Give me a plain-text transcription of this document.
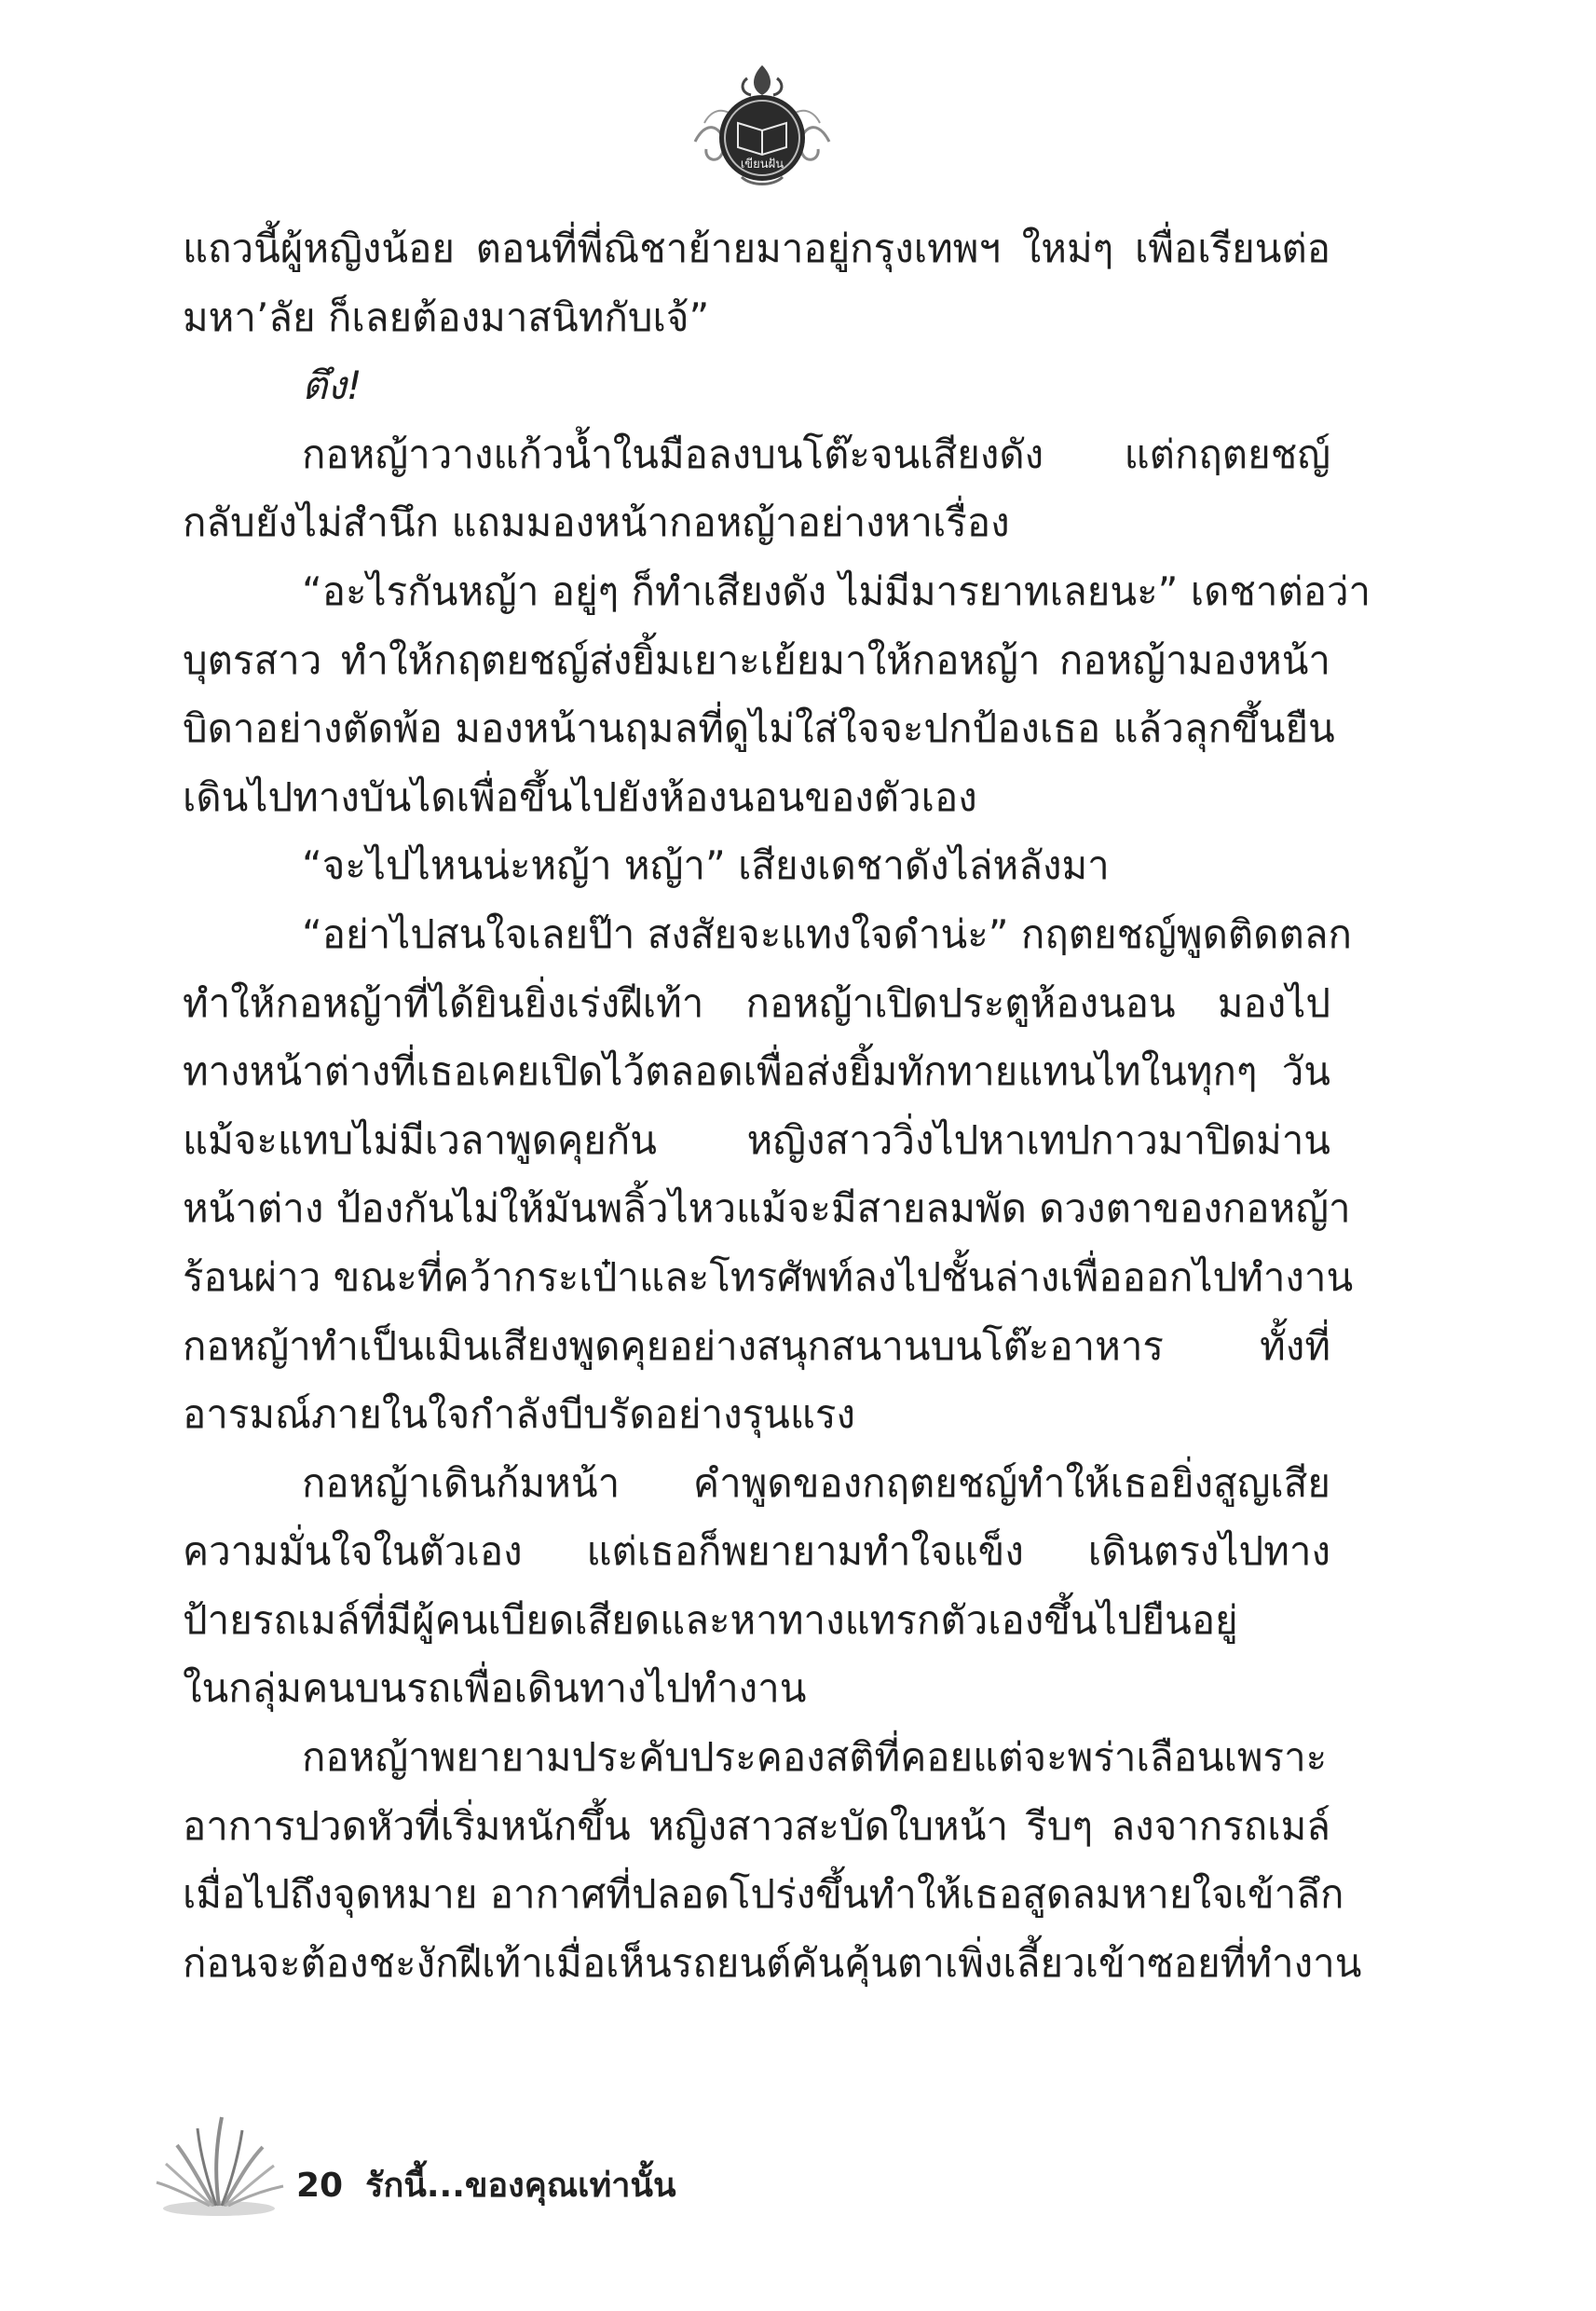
เขียนฝัน
แถวนี้ผู้หญิงน้อย ตอนที่พี่ณิชาย้ายมาอยู่กรุงเทพฯ ใหม่ๆ เพื่อเรียนต่อ
มหา’ลัย ก็เลยต้องมาสนิทกับเจ้”
ตึง!
กอหญ้าวางแก้วน้ำในมือลงบนโต๊ะจนเสียงดัง แต่กฤตยชญ์
กลับยังไม่สำนึก แถมมองหน้ากอหญ้าอย่างหาเรื่อง
“อะไรกันหญ้า อยู่ๆ ก็ทำเสียงดัง ไม่มีมารยาทเลยนะ” เดชาต่อว่า
บุตรสาว ทำให้กฤตยชญ์ส่งยิ้มเยาะเย้ยมาให้กอหญ้า กอหญ้ามองหน้า
บิดาอย่างตัดพ้อ มองหน้านฤมลที่ดูไม่ใส่ใจจะปกป้องเธอ แล้วลุกขึ้นยืน
เดินไปทางบันไดเพื่อขึ้นไปยังห้องนอนของตัวเอง
“จะไปไหนน่ะหญ้า หญ้า” เสียงเดชาดังไล่หลังมา
“อย่าไปสนใจเลยป๊า สงสัยจะแทงใจดำน่ะ” กฤตยชญ์พูดติดตลก
ทำให้กอหญ้าที่ได้ยินยิ่งเร่งฝีเท้า กอหญ้าเปิดประตูห้องนอน มองไป
ทางหน้าต่างที่เธอเคยเปิดไว้ตลอดเพื่อส่งยิ้มทักทายแทนไทในทุกๆ วัน
แม้จะแทบไม่มีเวลาพูดคุยกัน หญิงสาววิ่งไปหาเทปกาวมาปิดม่าน
หน้าต่าง ป้องกันไม่ให้มันพลิ้วไหวแม้จะมีสายลมพัด ดวงตาของกอหญ้า
ร้อนผ่าว ขณะที่คว้ากระเป๋าและโทรศัพท์ลงไปชั้นล่างเพื่อออกไปทำงาน
กอหญ้าทำเป็นเมินเสียงพูดคุยอย่างสนุกสนานบนโต๊ะอาหาร ทั้งที่
อารมณ์ภายในใจกำลังบีบรัดอย่างรุนแรง
กอหญ้าเดินก้มหน้า คำพูดของกฤตยชญ์ทำให้เธอยิ่งสูญเสีย
ความมั่นใจในตัวเอง แต่เธอก็พยายามทำใจแข็ง เดินตรงไปทาง
ป้ายรถเมล์ที่มีผู้คนเบียดเสียดและหาทางแทรกตัวเองขึ้นไปยืนอยู่
ในกลุ่มคนบนรถเพื่อเดินทางไปทำงาน
กอหญ้าพยายามประคับประคองสติที่คอยแต่จะพร่าเลือนเพราะ
อาการปวดหัวที่เริ่มหนักขึ้น หญิงสาวสะบัดใบหน้า รีบๆ ลงจากรถเมล์
เมื่อไปถึงจุดหมาย อากาศที่ปลอดโปร่งขึ้นทำให้เธอสูดลมหายใจเข้าลึก
ก่อนจะต้องชะงักฝีเท้าเมื่อเห็นรถยนต์คันคุ้นตาเพิ่งเลี้ยวเข้าซอยที่ทำงาน
20 รักนี้...ของคุณเท่านั้น
